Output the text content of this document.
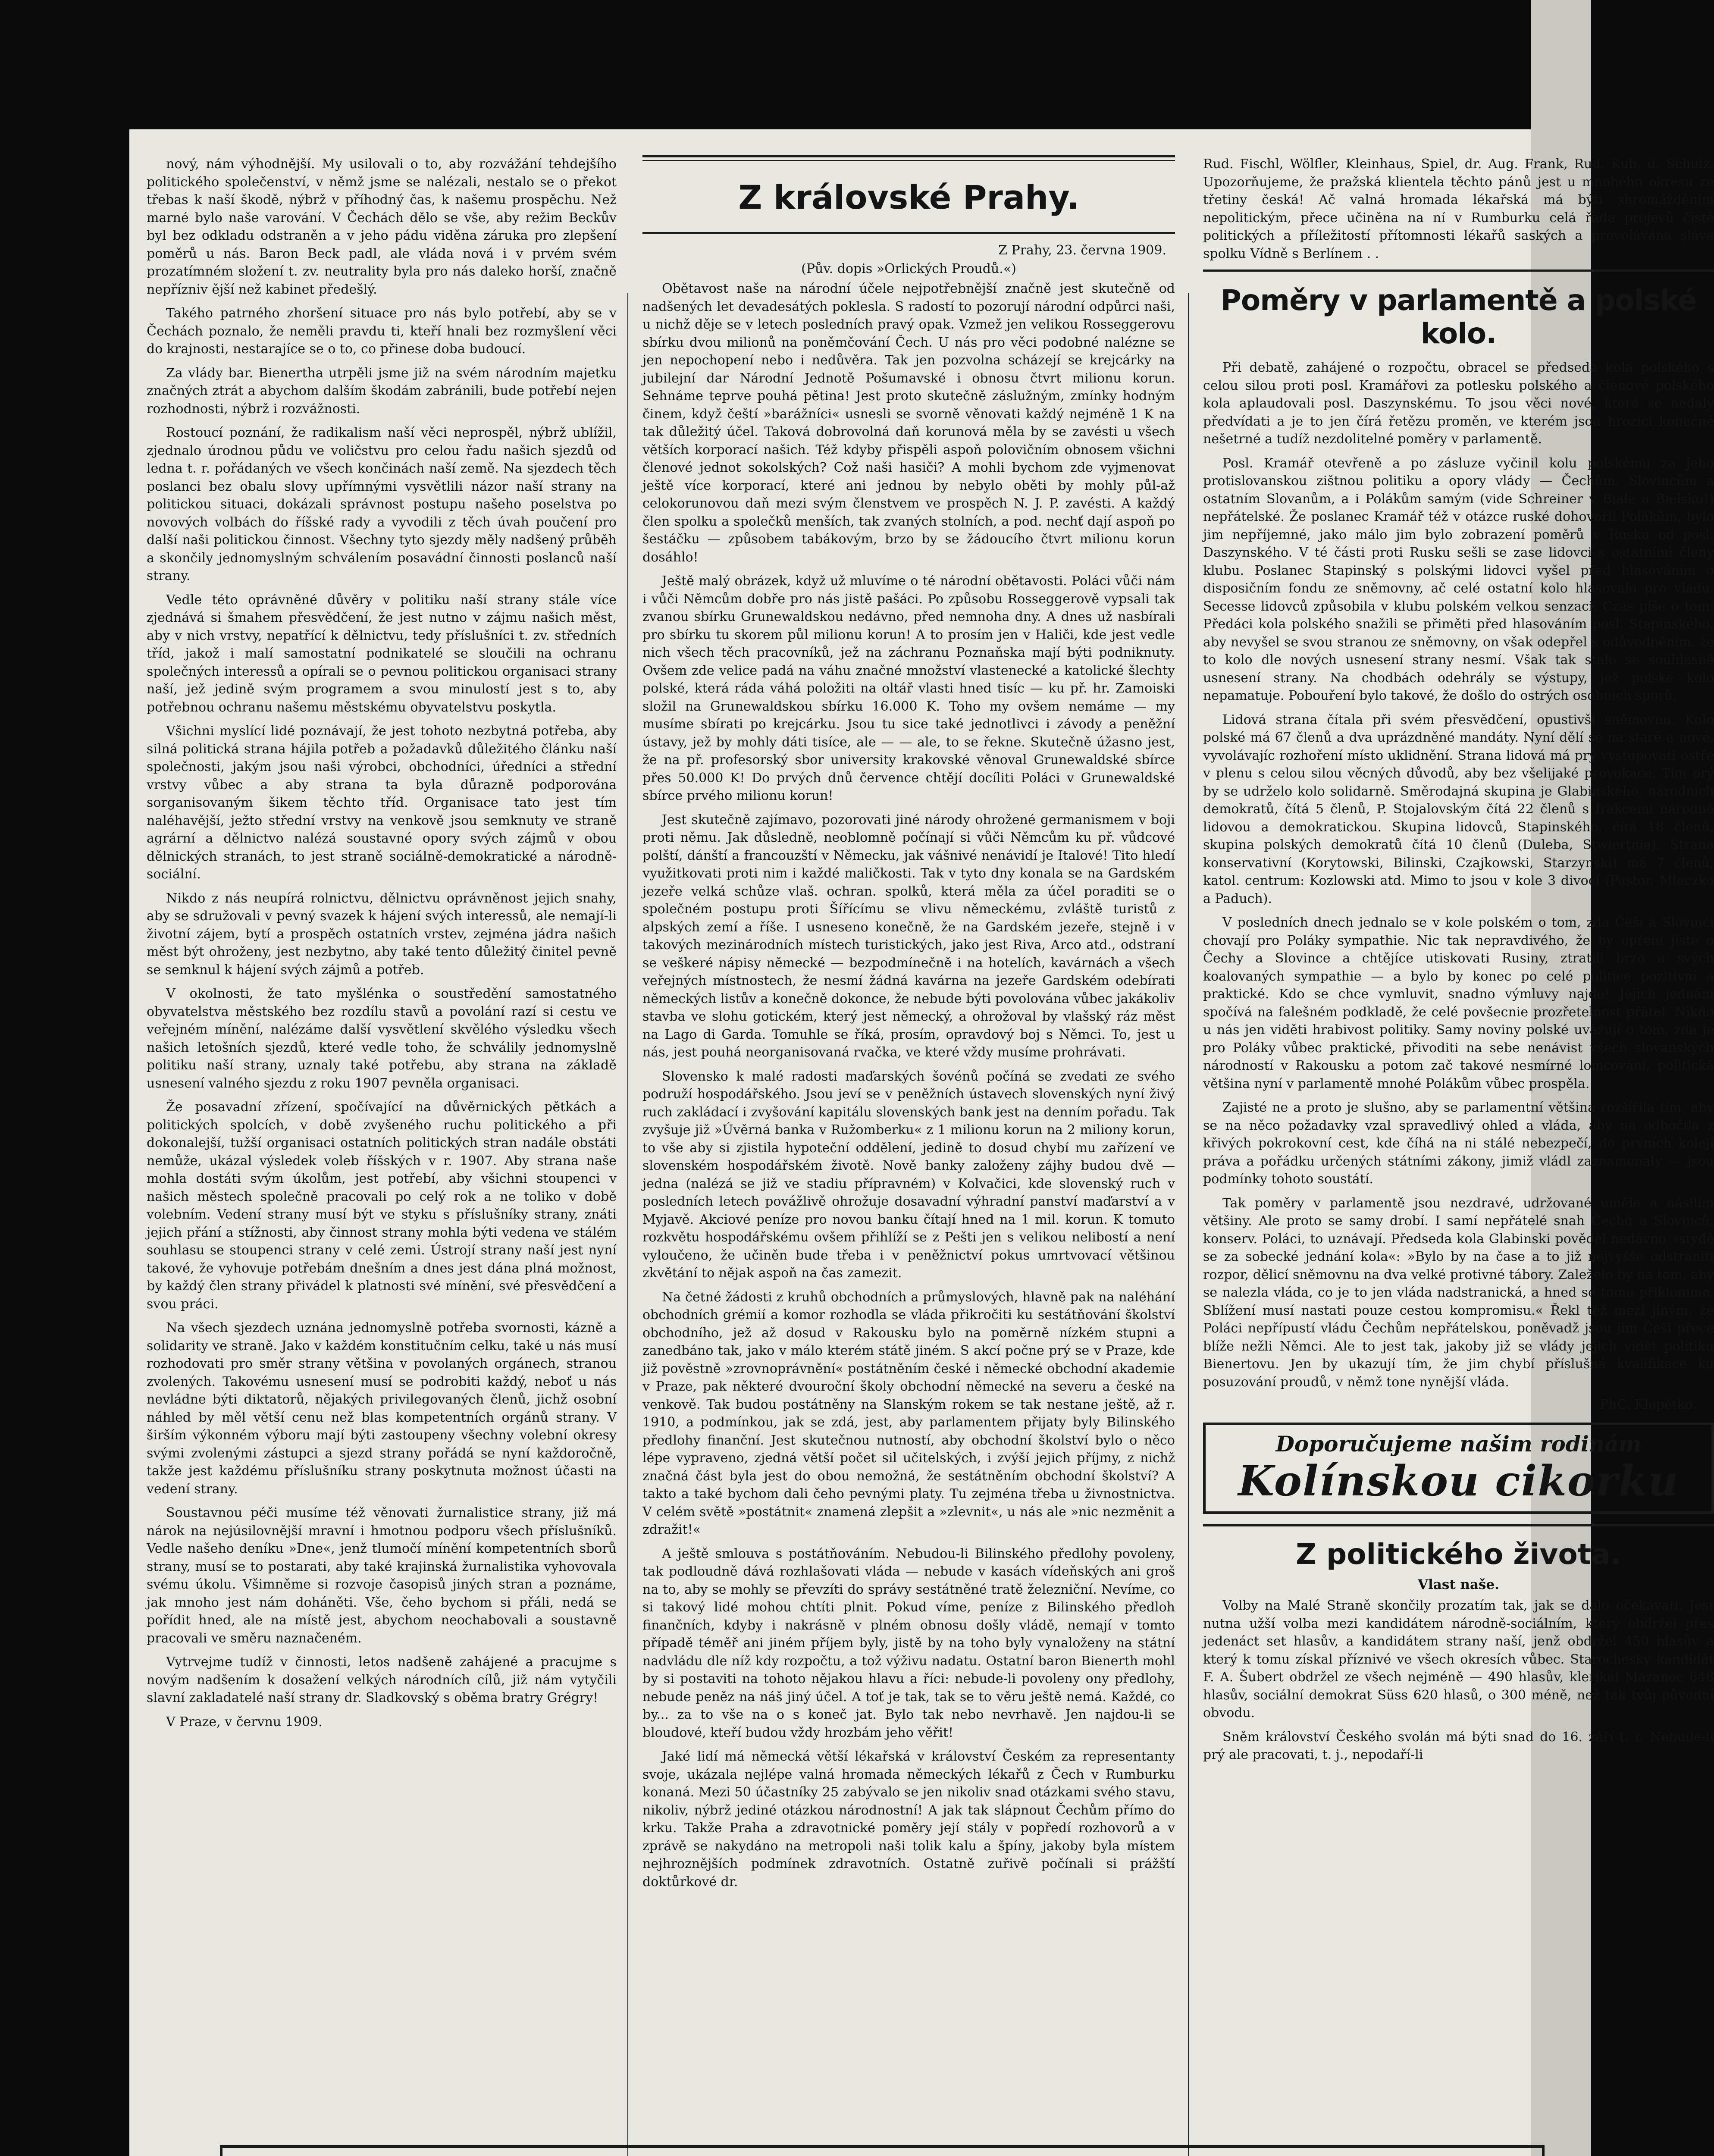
nový, nám výhodnější. My usilovali o to, aby rozvážání tehdejšího politického společenství, v němž jsme se nalézali, nestalo se o překot třebas k naší škodě, nýbrž v příhodný čas, k našemu prospěchu. Než marné bylo naše varování. V Čechách dělo se vše, aby režim Beckův byl bez odkladu odstraněn a v jeho pádu viděna záruka pro zlepšení poměrů u nás. Baron Beck padl, ale vláda nová i v prvém svém prozatímném složení t. zv. neutrality byla pro nás daleko horší, značně nepřízniv ější než kabinet předešlý.

Takého patrného zhoršení situace pro nás bylo potřebí, aby se v Čechách poznalo, že neměli pravdu ti, kteří hnali bez rozmyšlení věci do krajnosti, nestarajíce se o to, co přinese doba budoucí.

Za vlády bar. Bienertha utrpěli jsme již na svém národním majetku značných ztrát a abychom dalším škodám zabránili, bude potřebí nejen rozhodnosti, nýbrž i rozvážnosti.

Rostoucí poznání, že radikalism naší věci neprospěl, nýbrž ublížil, zjednalo úrodnou půdu ve voličstvu pro celou řadu našich sjezdů od ledna t. r. pořádaných ve všech končinách naší země. Na sjezdech těch poslanci bez obalu slovy upřímnými vysvětlili názor naší strany na politickou situaci, dokázali správnost postupu našeho poselstva po novových volbách do říšské rady a vyvodili z těch úvah poučení pro další naši politickou činnost. Všechny tyto sjezdy měly nadšený průběh a skončily jednomyslným schválením posavádní činnosti poslanců naší strany.

Vedle této oprávněné důvěry v politiku naší strany stále více zjednává si šmahem přesvědčení, že jest nutno v zájmu našich měst, aby v nich vrstvy, nepatřící k dělnictvu, tedy příslušníci t. zv. středních tříd, jakož i malí samostatní podnikatelé se sloučili na ochranu společných interessů a opírali se o pevnou politickou organisaci strany naší, jež jedině svým programem a svou minulostí jest s to, aby potřebnou ochranu našemu městskému obyvatelstvu poskytla.

Všichni myslící lidé poznávají, že jest tohoto nezbytná potřeba, aby silná politická strana hájila potřeb a požadavků důležitého článku naší společnosti, jakým jsou naši výrobci, obchodníci, úředníci a střední vrstvy vůbec a aby strana ta byla důrazně podporována sorganisovaným šikem těchto tříd. Organisace tato jest tím naléhavější, ježto střední vrstvy na venkově jsou semknuty ve straně agrární a dělnictvo nalézá soustavné opory svých zájmů v obou dělnických stranách, to jest straně sociálně-demokratické a národně-sociální.

Nikdo z nás neupírá rolnictvu, dělnictvu oprávněnost jejich snahy, aby se sdružovali v pevný svazek k hájení svých interessů, ale nemají-li životní zájem, bytí a prospěch ostatních vrstev, zejména jádra našich měst být ohroženy, jest nezbytno, aby také tento důležitý činitel pevně se semknul k hájení svých zájmů a potřeb.

V okolnosti, že tato myšlénka o soustředění samostatného obyvatelstva městského bez rozdílu stavů a povolání razí si cestu ve veřejném mínění, nalézáme další vysvětlení skvělého výsledku všech našich letošních sjezdů, které vedle toho, že schválily jednomyslně politiku naší strany, uznaly také potřebu, aby strana na základě usnesení valného sjezdu z roku 1907 pevněla organisaci.

Že posavadní zřízení, spočívající na důvěrnických pětkách a politických spolcích, v době zvyšeného ruchu politického a při dokonalejší, tužší organisaci ostatních politických stran nadále obstáti nemůže, ukázal výsledek voleb říšských v r. 1907. Aby strana naše mohla dostáti svým úkolům, jest potřebí, aby všichni stoupenci v našich městech společně pracovali po celý rok a ne toliko v době volebním. Vedení strany musí být ve styku s příslušníky strany, znáti jejich přání a stížnosti, aby činnost strany mohla býti vedena ve stálém souhlasu se stoupenci strany v celé zemi. Ústrojí strany naší jest nyní takové, že vyhovuje potřebám dnešním a dnes jest dána plná možnost, by každý člen strany přivádel k platnosti své mínění, své přesvědčení a svou práci.

Na všech sjezdech uznána jednomyslně potřeba svornosti, kázně a solidarity ve straně. Jako v každém konstitučním celku, také u nás musí rozhodovati pro směr strany většina v povolaných orgánech, stranou zvolených. Takovému usnesení musí se podrobiti každý, neboť u nás nevládne býti diktatorů, nějakých privilegovaných členů, jichž osobní náhled by měl větší cenu než blas kompetentních orgánů strany. V širším výkonném výboru mají býti zastoupeny všechny volební okresy svými zvolenými zástupci a sjezd strany pořádá se nyní každoročně, takže jest každému příslušníku strany poskytnuta možnost účasti na vedení strany.

Soustavnou péči musíme též věnovati žurnalistice strany, již má nárok na nejúsilovnější mravní i hmotnou podporu všech příslušníků. Vedle našeho deníku »Dne«, jenž tlumočí mínění kompetentních sborů strany, musí se to postarati, aby také krajinská žurnalistika vyhovovala svému úkolu. Všimněme si rozvoje časopisů jiných stran a poznáme, jak mnoho jest nám doháněti. Vše, čeho bychom si přáli, nedá se pořídit hned, ale na místě jest, abychom neochabovali a soustavně pracovali ve směru naznačeném.

Vytrvejme tudíž v činnosti, letos nadšeně zahájené a pracujme s novým nadšením k dosažení velkých národních cílů, již nám vytyčili slavní zakladatelé naší strany dr. Sladkovský s oběma bratry Grégry!

V Praze, v červnu 1909.

Z královské Prahy.
Z Prahy, 23. června 1909.
(Pův. dopis »Orlických Proudů.«)

Obětavost naše na národní účele nejpotřebnější značně jest skutečně od nadšených let devadesátých poklesla. S radostí to pozorují národní odpůrci naši, u nichž děje se v letech posledních pravý opak. Vzmež jen velikou Rosseggerovu sbírku dvou milionů na poněmčování Čech. U nás pro věci podobné nalézne se jen nepochopení nebo i nedůvěra. Tak jen pozvolna scházejí se krejcárky na jubilejní dar Národní Jednotě Pošumavské i obnosu čtvrt milionu korun. Sehnáme teprve pouhá pětina! Jest proto skutečně záslužným, zmínky hodným činem, když čeští »barážníci« usnesli se svorně věnovati každý nejméně 1 K na tak důležitý účel. Taková dobrovolná daň korunová měla by se zavésti u všech větších korporací našich. Též kdyby přispěli aspoň polovičním obnosem všichni členové jednot sokolských? Což naši hasiči? A mohli bychom zde vyjmenovat ještě více korporací, které ani jednou by nebylo oběti by mohly půl-až celokorunovou daň mezi svým členstvem ve prospěch N. J. P. zavésti. A každý člen spolku a společků menších, tak zvaných stolních, a pod. nechť dají aspoň po šestáčku — způsobem tabákovým, brzo by se žádoucího čtvrt milionu korun dosáhlo!

Ještě malý obrázek, když už mluvíme o té národní obětavosti. Poláci vůči nám i vůči Němcům dobře pro nás jistě pašáci. Po způsobu Rosseggerově vypsali tak zvanou sbírku Grunewaldskou nedávno, před nemnoha dny. A dnes už nasbírali pro sbírku tu skorem půl milionu korun! A to prosím jen v Haliči, kde jest vedle nich všech těch pracovníků, jež na záchranu Poznaňska mají býti podniknuty. Ovšem zde velice padá na váhu značné množství vlastenecké a katolické šlechty polské, která ráda váhá položiti na oltář vlasti hned tisíc — ku př. hr. Zamoiski složil na Grunewaldskou sbírku 16.000 K. Toho my ovšem nemáme — my musíme sbírati po krejcárku. Jsou tu sice také jednotlivci i závody a peněžní ústavy, jež by mohly dáti tisíce, ale — — ale, to se řekne. Skutečně úžasno jest, že na př. profesorský sbor university krakovské věnoval Grunewaldské sbírce přes 50.000 K! Do prvých dnů července chtějí docíliti Poláci v Grunewaldské sbírce prvého milionu korun!

Jest skutečně zajímavo, pozorovati jiné národy ohrožené germanismem v boji proti němu. Jak důsledně, neoblomně počínají si vůči Němcům ku př. vůdcové polští, dánští a francouzští v Německu, jak vášnivé nenávidí je Italové! Tito hledí využitkovati proti nim i každé maličkosti. Tak v tyto dny konala se na Gardském jezeře velká schůze vlaš. ochran. spolků, která měla za účel poraditi se o společném postupu proti Šířícímu se vlivu německému, zvláště turistů z alpských zemí a říše. I usneseno konečně, že na Gardském jezeře, stejně i v takových mezinárodních místech turistických, jako jest Riva, Arco atd., odstraní se veškeré nápisy německé — bezpodmínečně i na hotelích, kavárnách a všech veřejných místnostech, že nesmí žádná kavárna na jezeře Gardském odebírati německých listův a konečně dokonce, že nebude býti povolována vůbec jakákoliv stavba ve slohu gotickém, který jest německý, a ohrožoval by vlašský ráz měst na Lago di Garda. Tomuhle se říká, prosím, opravdový boj s Němci. To, jest u nás, jest pouhá neorganisovaná rvačka, ve které vždy musíme prohrávati.

Slovensko k malé radosti maďarských šovénů počíná se zvedati ze svého podruží hospodářského. Jsou jeví se v peněžních ústavech slovenských nyní živý ruch zakládací i zvyšování kapitálu slovenských bank jest na denním pořadu. Tak zvyšuje již »Úvěrná banka v Ružomberku« z 1 milionu korun na 2 miliony korun, to vše aby si zjistila hypoteční oddělení, jedině to dosud chybí mu zařízení ve slovenském hospodářském životě. Nově banky založeny zájhy budou dvě — jedna (nalézá se již ve stadiu přípravném) v Kolvačici, kde slovenský ruch v posledních letech povážlivě ohrožuje dosavadní výhradní panství maďarství a v Myjavě. Akciové peníze pro novou banku čítají hned na 1 mil. korun. K tomuto rozkvětu hospodářskému ovšem přihlíží se z Pešti jen s velikou nelibostí a není vyloučeno, že učiněn bude třeba i v peněžnictví pokus umrtvovací většinou zkvětání to nějak aspoň na čas zamezit.

Na četné žádosti z kruhů obchodních a průmyslových, hlavně pak na naléhání obchodních grémií a komor rozhodla se vláda přikročiti ku sestátňování školství obchodního, jež až dosud v Rakousku bylo na poměrně nízkém stupni a zanedbáno tak, jako v málo kterém státě jiném. S akcí počne prý se v Praze, kde již pověstně »zrovnoprávnění« postátněním české i německé obchodní akademie v Praze, pak některé dvouroční školy obchodní německé na severu a české na venkově. Tak budou postátněny na Slanským rokem se tak nestane ještě, až r. 1910, a podmínkou, jak se zdá, jest, aby parlamentem přijaty byly Bilinského předlohy finanční. Jest skutečnou nutností, aby obchodní školství bylo o něco lépe vypraveno, zjedná větší počet sil učitelských, i zvýší jejich příjmy, z nichž značná část byla jest do obou nemožná, že sestátněním obchodní školství? A takto a také bychom dali čeho pevnými platy. Tu zejména třeba u živnostnictva. V celém světě »postátnit« znamená zlepšit a »zlevnit«, u nás ale »nic nezměnit a zdražit!«

A ještě smlouva s postátňováním. Nebudou-li Bilinského předlohy povoleny, tak podloudně dává rozhlašovati vláda — nebude v kasách vídeňských ani groš na to, aby se mohly se převzíti do správy sestátněné tratě železniční. Nevíme, co si takový lidé mohou chtíti plnit. Pokud víme, peníze z Bilinského předloh finančních, kdyby i nakrásně v plném obnosu došly vládě, nemají v tomto případě téměř ani jiném příjem byly, jistě by na toho byly vynaloženy na státní nadvládu dle níž kdy rozpočtu, a tož výživu nadatu. Ostatní baron Bienerth mohl by si postaviti na tohoto nějakou hlavu a říci: nebude-li povoleny ony předlohy, nebude peněz na náš jiný účel. A toť je tak, tak se to věru ještě nemá. Každé, co by... za to vše na o s koneč jat. Bylo tak nebo nevrhavě. Jen najdou-li se bloudové, kteří budou vždy hrozbám jeho věřit!

Jaké lidí má německá větší lékařská v království Českém za representanty svoje, ukázala nejlépe valná hromada německých lékařů z Čech v Rumburku konaná. Mezi 50 účastníky 25 zabývalo se jen nikoliv snad otázkami svého stavu, nikoliv, nýbrž jediné otázkou národnostní! A jak tak slápnout Čechům přímo do krku. Takže Praha a zdravotnické poměry její stály v popředí rozhovorů a v zprávě se nakydáno na metropoli naši tolik kalu a špíny, jakoby byla místem nejhroznějších podmínek zdravotních. Ostatně zuřivě počínali si prážští doktůrkové dr.

Rud. Fischl, Wölfler, Kleinhaus, Spiel, dr. Aug. Frank, Rud. Kuh, d. Schulz. Upozorňujeme, že pražská klientela těchto pánů jest u mnohého okresu ze třetiny česká! Ač valná hromada lékařská má býti shromážděním nepolitickým, přece učiněna na ní v Rumburku celá řada projevů čistě politických a příležitostí přítomnosti lékařů saských a provolávána sláva spolku Vídně s Berlínem . .

Poměry v parlamentě a polské kolo.

Při debatě, zahájené o rozpočtu, obracel se předseda kola polského s celou silou proti posl. Kramářovi za potlesku polského a členové polského kola aplaudovali posl. Daszynskému. To jsou věci nové, které se nedaly předvídati a je to jen čírá řetězu proměn, ve kterém jsou hrozící konečné nešetrné a tudíž nezdolitelné poměry v parlamentě.

Posl. Kramář otevřeně a po zásluze vyčinil kolu polskému za jeho protislovanskou zištnou politiku a opory vlády — Čechům, Slovincům a ostatním Slovanům, a i Polákům samým (vide Schreiner v Biale a Bielsku!) nepřátelské. Že poslanec Kramář též v otázce ruské dohovořil Polákům, bylo jim nepříjemné, jako málo jim bylo zobrazení poměrů v Rusku od posl. Daszynského. V té části proti Rusku sešli se zase lidovci s ostatními členy klubu. Poslanec Stapinský s polskými lidovci vyšel před hlasováním o disposičním fondu ze sněmovny, ač celé ostatní kolo hlasovalo pro vládu. Secesse lidovců způsobila v klubu polském velkou senzaci. Czas píše o tom: Předáci kola polského snažili se přiměti před hlasováním posl. Stapinského, aby nevyšel se svou stranou ze sněmovny, on však odepřel s odůvodněním, že to kolo dle nových usnesení strany nesmí. Však tak stalo se souhlasně usnesení strany. Na chodbách odehrály se výstupy, jež polské kolo nepamatuje. Pobouření bylo takové, že došlo do ostrých osobních sporů.

Lidová strana čítala při svém přesvědčení, opustivši sněmovnu. Kolo polské má 67 členů a dva uprázdněné mandáty. Nyní dělí se na staré a nové, vyvolávajíc rozhoření místo uklidnění. Strana lidová má prý vystupovati ostře v plenu s celou silou věcných důvodů, aby bez všelijaké provokace. Tím prý by se udrželo kolo solidarně. Směrodajná skupina je Glabinského, národních demokratů, čítá 5 členů, P. Stojalovským čítá 22 členů s frakcemi národně lidovou a demokratickou. Skupina lidovců, Stapinského, čítá 18 členů, skupina polských demokratů čítá 10 členů (Duleba, Stwiertnia). Strana konservativní (Korytowski, Bilinski, Czajkowski, Starzynski) má 7 členů, katol. centrum: Kozlowski atd. Mimo to jsou v kole 3 divocí (Pastor, Mleczko a Paduch).

V posledních dnech jednalo se v kole polském o tom, zda Češi a Slovinci chovají pro Poláky sympathie. Nic tak nepravdivého, že by opření jisté o Čechy a Slovince a chtějíce utiskovati Rusiny, ztratili brzo u svých koalovaných sympathie — a bylo by konec po celé politice pozitivní a praktické. Kdo se chce vymluvit, snadno výmluvy najde! Jejich jednání spočívá na falešném podkladě, že celé povšecnie prozřetelnost přátel. Nikdo u nás jen viděti hrabivost politiky. Samy noviny polské uvažují o tom, zda je pro Poláky vůbec praktické, přivoditi na sebe nenávist všech slovanských národností v Rakousku a potom zač takové nesmírné lomcování, politická většina nyní v parlamentě mnohé Polákům vůbec prospěla.

Zajisté ne a proto je slušno, aby se parlamentní většina rozšířila tím, aby se na něco požadavky vzal spravedlivý ohled a vláda, aby na odbočila z křivých pokrokovní cest, kde číhá na ni stálé nebezpečí, do prvních kolejí práva a pořádku určených státními zákony, jimiž vládl zaznamenaly — jsou podmínky tohoto soustátí.

Tak poměry v parlamentě jsou nezdravé, udržované uměle a násilím většiny. Ale proto se samy drobí. I samí nepřátelé snah Čechů a Slovinců, konserv. Poláci, to uznávají. Předseda kola Glabinski pověděl nedávno »stydě se za sobecké jednání kola«: »Bylo by na čase a to již nejvyšše odstraniti rozpor, dělicí sněmovnu na dva velké protivné tábory. Zaleželo by na tom, aby se nalezla vláda, co je to jen vláda nadstranická, a hned se tomu přikloníme. Sblížení musí nastati pouze cestou kompromisu.« Řekl též mezi jiným, že Poláci nepřípustí vládu Čechům nepřátelskou, poněvadž jsou jim Češi přece blíže nežli Němci. Ale to jest tak, jakoby již se vlády jejich vidět politiku Bienertovu. Jen by ukazují tím, že jim chybí příslušná kvalifikace ku posuzování proudů, v němž tone nynější vláda.

PhC. Klepétko.
Doporučujeme našim rodinám
Kolínskou cikorku
Z politického života.
Vlast naše.

Volby na Malé Straně skončily prozatím tak, jak se dalo očekávati. Jest nutna užší volba mezi kandidátem národně-sociálním, který obdržel přes jedenáct set hlasův, a kandidátem strany naší, jenž obdržel 450 hlasův a který k tomu získal příznivé ve všech okresích vůbec. Starocheský kandidát F. A. Šubert obdržel ze všech nejméně — 490 hlasův, klerikál Mazanec 648 hlasův, sociální demokrat Süss 620 hlasů, o 300 méně, než tak tvůj původní obvodu.

Sněm království Českého svolán má býti snad do 16. září t. r. Nebude-li prý ale pracovati, t. j., nepodaří-li
